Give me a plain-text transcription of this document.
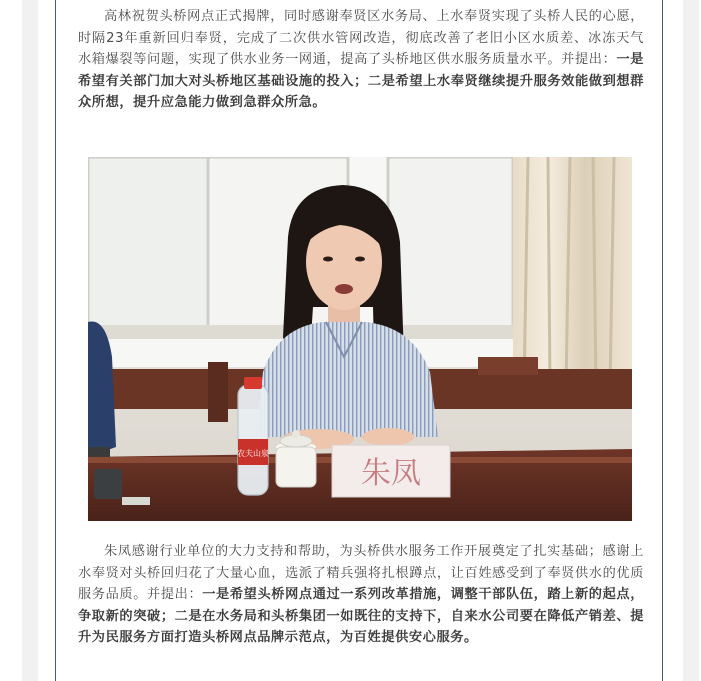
高林祝贺头桥网点正式揭牌，同时感谢奉贤区水务局、上水奉贤实现了头桥人民的心愿，时隔23年重新回归奉贤，完成了二次供水管网改造，彻底改善了老旧小区水质差、冰冻天气水箱爆裂等问题，实现了供水业务一网通，提高了头桥地区供水服务质量水平。并提出：一是希望有关部门加大对头桥地区基础设施的投入；二是希望上水奉贤继续提升服务效能做到想群众所想，提升应急能力做到急群众所急。
农夫山泉
朱凤
朱凤感谢行业单位的大力支持和帮助，为头桥供水服务工作开展奠定了扎实基础；感谢上水奉贤对头桥回归花了大量心血，选派了精兵强将扎根蹲点，让百姓感受到了奉贤供水的优质服务品质。并提出：一是希望头桥网点通过一系列改革措施，调整干部队伍，踏上新的起点，争取新的突破；二是在水务局和头桥集团一如既往的支持下，自来水公司要在降低产销差、提升为民服务方面打造头桥网点品牌示范点，为百姓提供安心服务。
